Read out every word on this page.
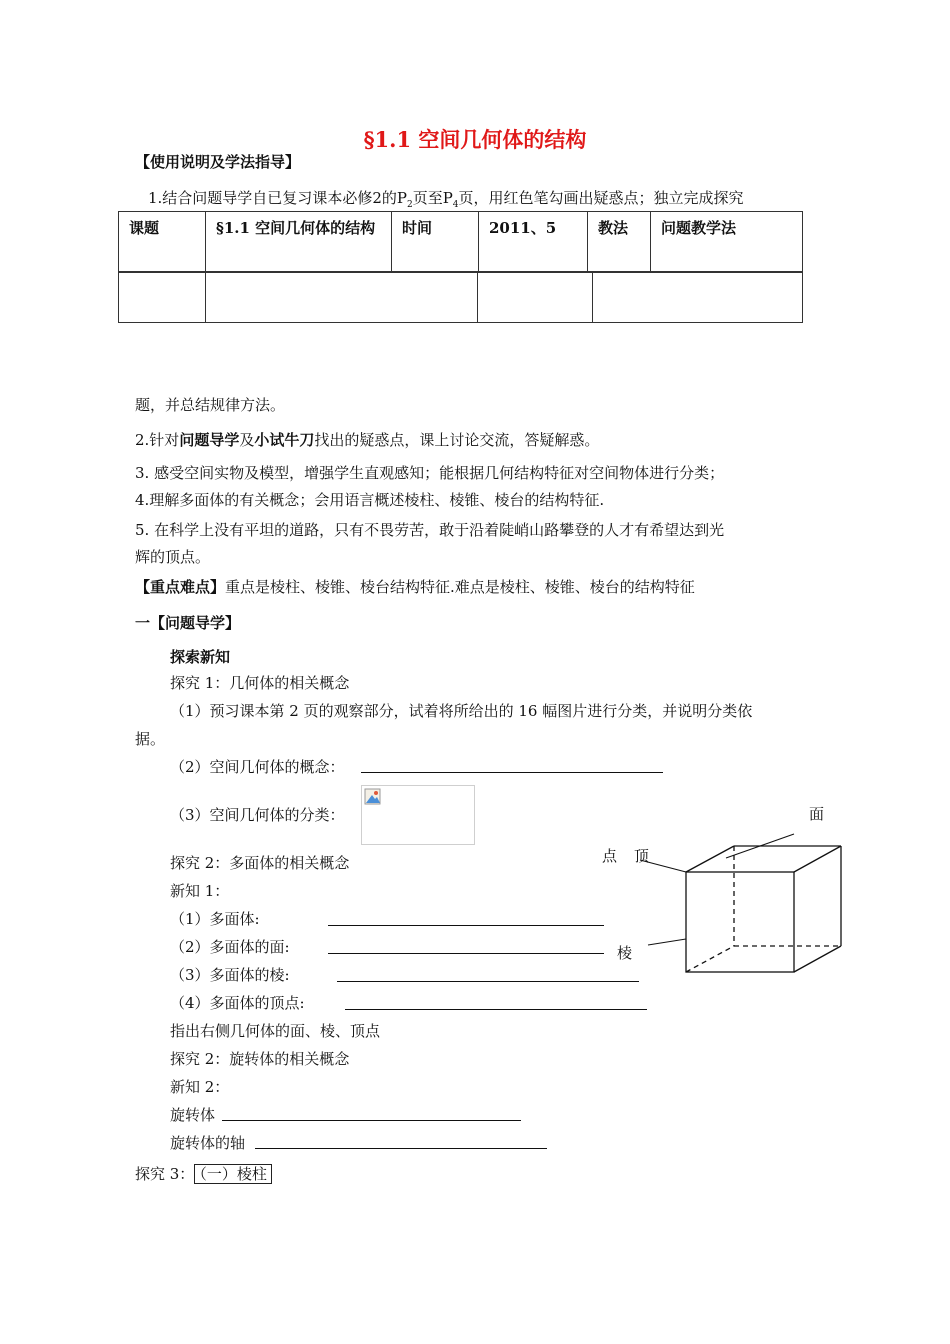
§1.1 空间几何体的结构
【使用说明及学法指导】
1.结合问题导学自已复习课本必修2的$P_2$页至$P_4$页，用红色笔勾画出疑惑点；独立完成探究
课题	§1.1 空间几何体的结构	时间	2011、5	教法	问题教学法

题，并总结规律方法。
2.针对问题导学及小试牛刀找出的疑惑点，课上讨论交流，答疑解惑。
3. 感受空间实物及模型，增强学生直观感知；能根据几何结构特征对空间物体进行分类；
4.理解多面体的有关概念；会用语言概述棱柱、棱锥、棱台的结构特征.
5. 在科学上没有平坦的道路，只有不畏劳苦，敢于沿着陡峭山路攀登的人才有希望达到光
辉的顶点。
【重点难点】重点是棱柱、棱锥、棱台结构特征.难点是棱柱、棱锥、棱台的结构特征
一【问题导学】
探索新知
探究 1：几何体的相关概念
（1）预习课本第 2 页的观察部分，试着将所给出的 16 幅图片进行分类，并说明分类依
据。
（2）空间几何体的概念：
（3）空间几何体的分类：
探究 2：多面体的相关概念
新知 1：
（1）多面体:
（2）多面体的面:
（3）多面体的棱:
（4）多面体的顶点:
指出右侧几何体的面、棱、顶点
探究 2：旋转体的相关概念
新知 2：
旋转体
旋转体的轴
探究 3： （一）棱柱
面
点 顶
棱
